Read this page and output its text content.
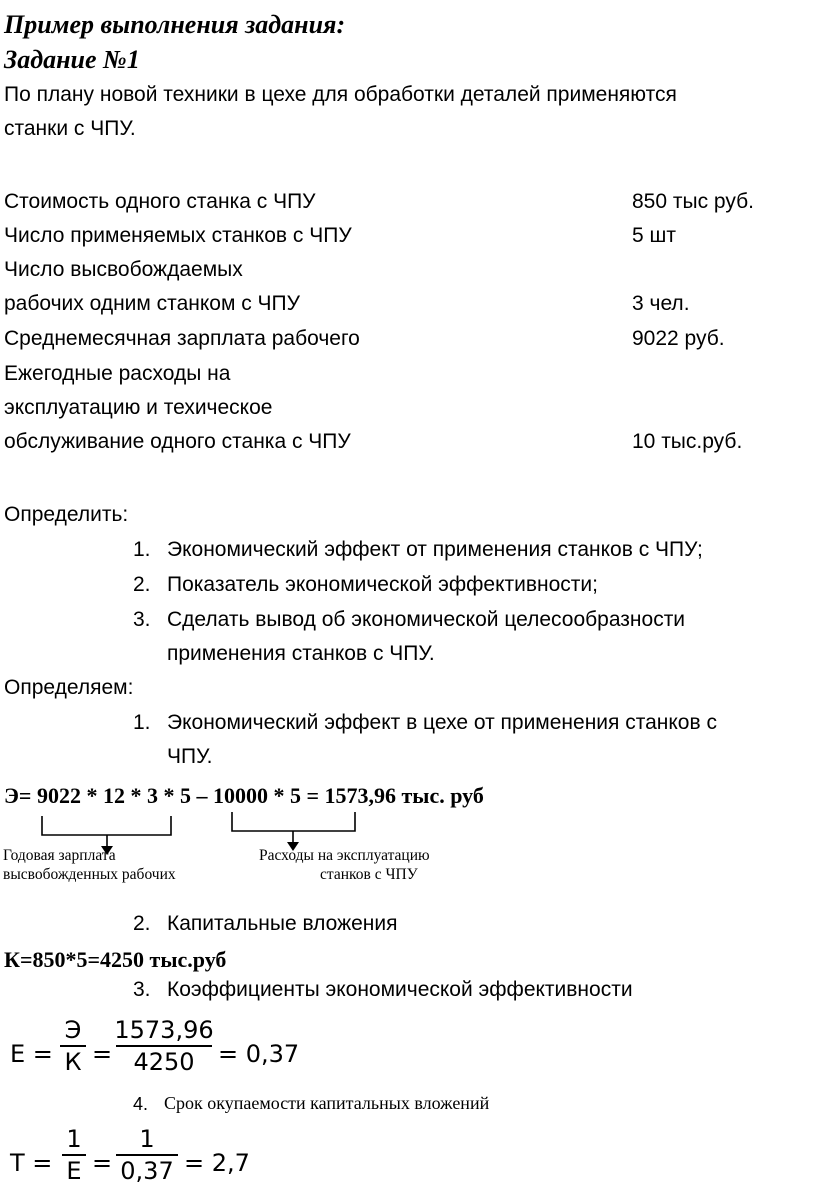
Пример выполнения задания:
Задание №1
По плану новой техники в цехе для обработки деталей применяются
станки с ЧПУ.
Стоимость одного станка с ЧПУ	850 тыс руб.
Число применяемых станков с ЧПУ	5 шт
Число высвобождаемых
рабочих одним станком с ЧПУ	3 чел.
Среднемесячная зарплата рабочего	9022 руб.
Ежегодные расходы на
эксплуатацию и техическое
обслуживание одного станка с ЧПУ	10 тыс.руб.
Определить:
1. Экономический эффект от применения станков с ЧПУ;
2. Показатель экономической эффективности;
3. Сделать вывод об экономической целесообразности
применения станков с ЧПУ.
Определяем:
1. Экономический эффект в цехе от применения станков с
ЧПУ.
Э= 9022 * 12 * 3 * 5 – 10000 * 5 = 1573,96 тыс. руб
Годовая зарплата
высвобожденных рабочих
Расходы на эксплуатацию
станков с ЧПУ
2. Капитальные вложения
К=850*5=4250 тыс.руб
3. Коэффициенты экономической эффективности
Е =
Э
К =
1573,96
4250 = 0,37
4. Срок окупаемости капитальных вложений
Т =
1
Е =
1
0,37 = 2,7
